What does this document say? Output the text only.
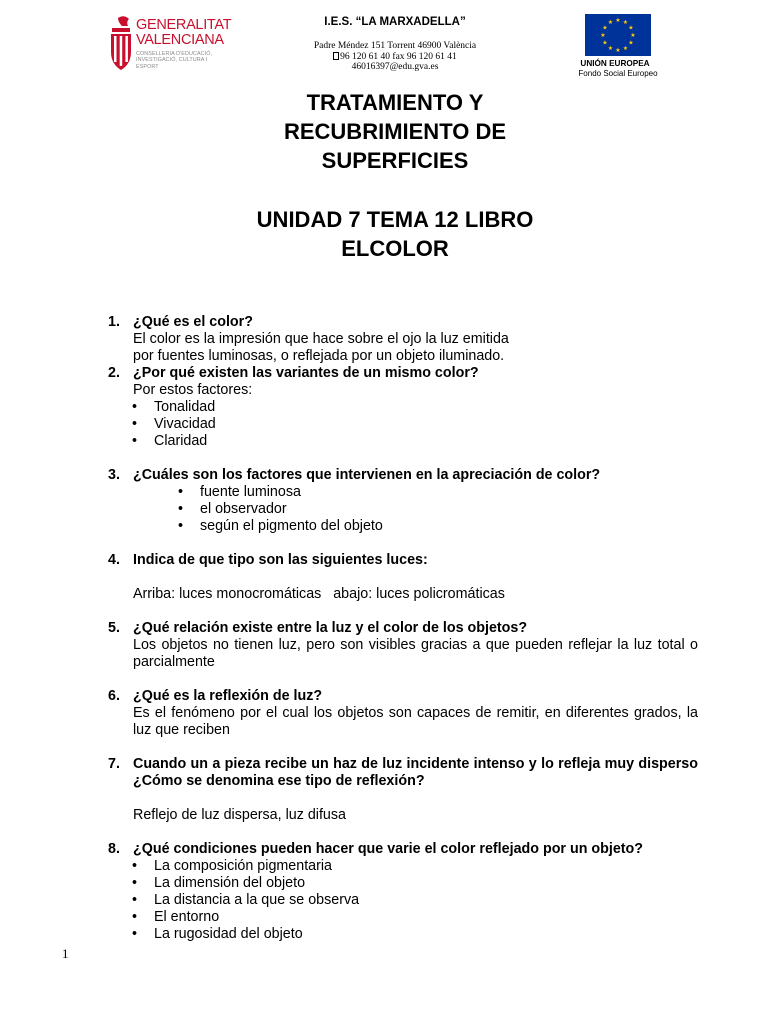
GENERALITAT
VALENCIANA
CONSELLERIA D'EDUCACIÓ,
INVESTIGACIÓ, CULTURA I ESPORT
I.E.S. “LA MARXADELLA”
Padre Méndez 151 Torrent 46900 València
96 120 61 40 fax 96 120 61 41
46016397@edu.gva.es
★ ★
★
★
★
★
★
★
★
★
★
★
UNIÓN EUROPEA
Fondo Social Europeo
TRATAMIENTO Y
RECUBRIMIENTO DE
SUPERFICIES
UNIDAD 7 TEMA 12 LIBRO
ELCOLOR
1. ¿Qué es el color?
El color es la impresión que hace sobre el ojo la luz emitida
por fuentes luminosas, o reflejada por un objeto iluminado.
2. ¿Por qué existen las variantes de un mismo color?
Por estos factores:
• Tonalidad
• Vivacidad
• Claridad
3. ¿Cuáles son los factores que intervienen en la apreciación de color?
• fuente luminosa
• el observador
• según el pigmento del objeto
4. Indica de que tipo son las siguientes luces:
Arriba: luces monocromáticas   abajo: luces policromáticas
5. ¿Qué relación existe entre la luz y el color de los objetos?
Los objetos no tienen luz, pero son visibles gracias a que pueden reflejar la luz total o parcialmente
6. ¿Qué es la reflexión de luz?
Es el fenómeno por el cual los objetos son capaces de remitir, en diferentes grados, la luz que reciben
7. Cuando un a pieza recibe un haz de luz incidente intenso y lo refleja muy disperso ¿Cómo se denomina ese tipo de reflexión?
Reflejo de luz dispersa, luz difusa
8. ¿Qué condiciones pueden hacer que varie el color reflejado por un objeto?
• La composición pigmentaria
• La dimensión del objeto
• La distancia a la que se observa
• El entorno
• La rugosidad del objeto
1
